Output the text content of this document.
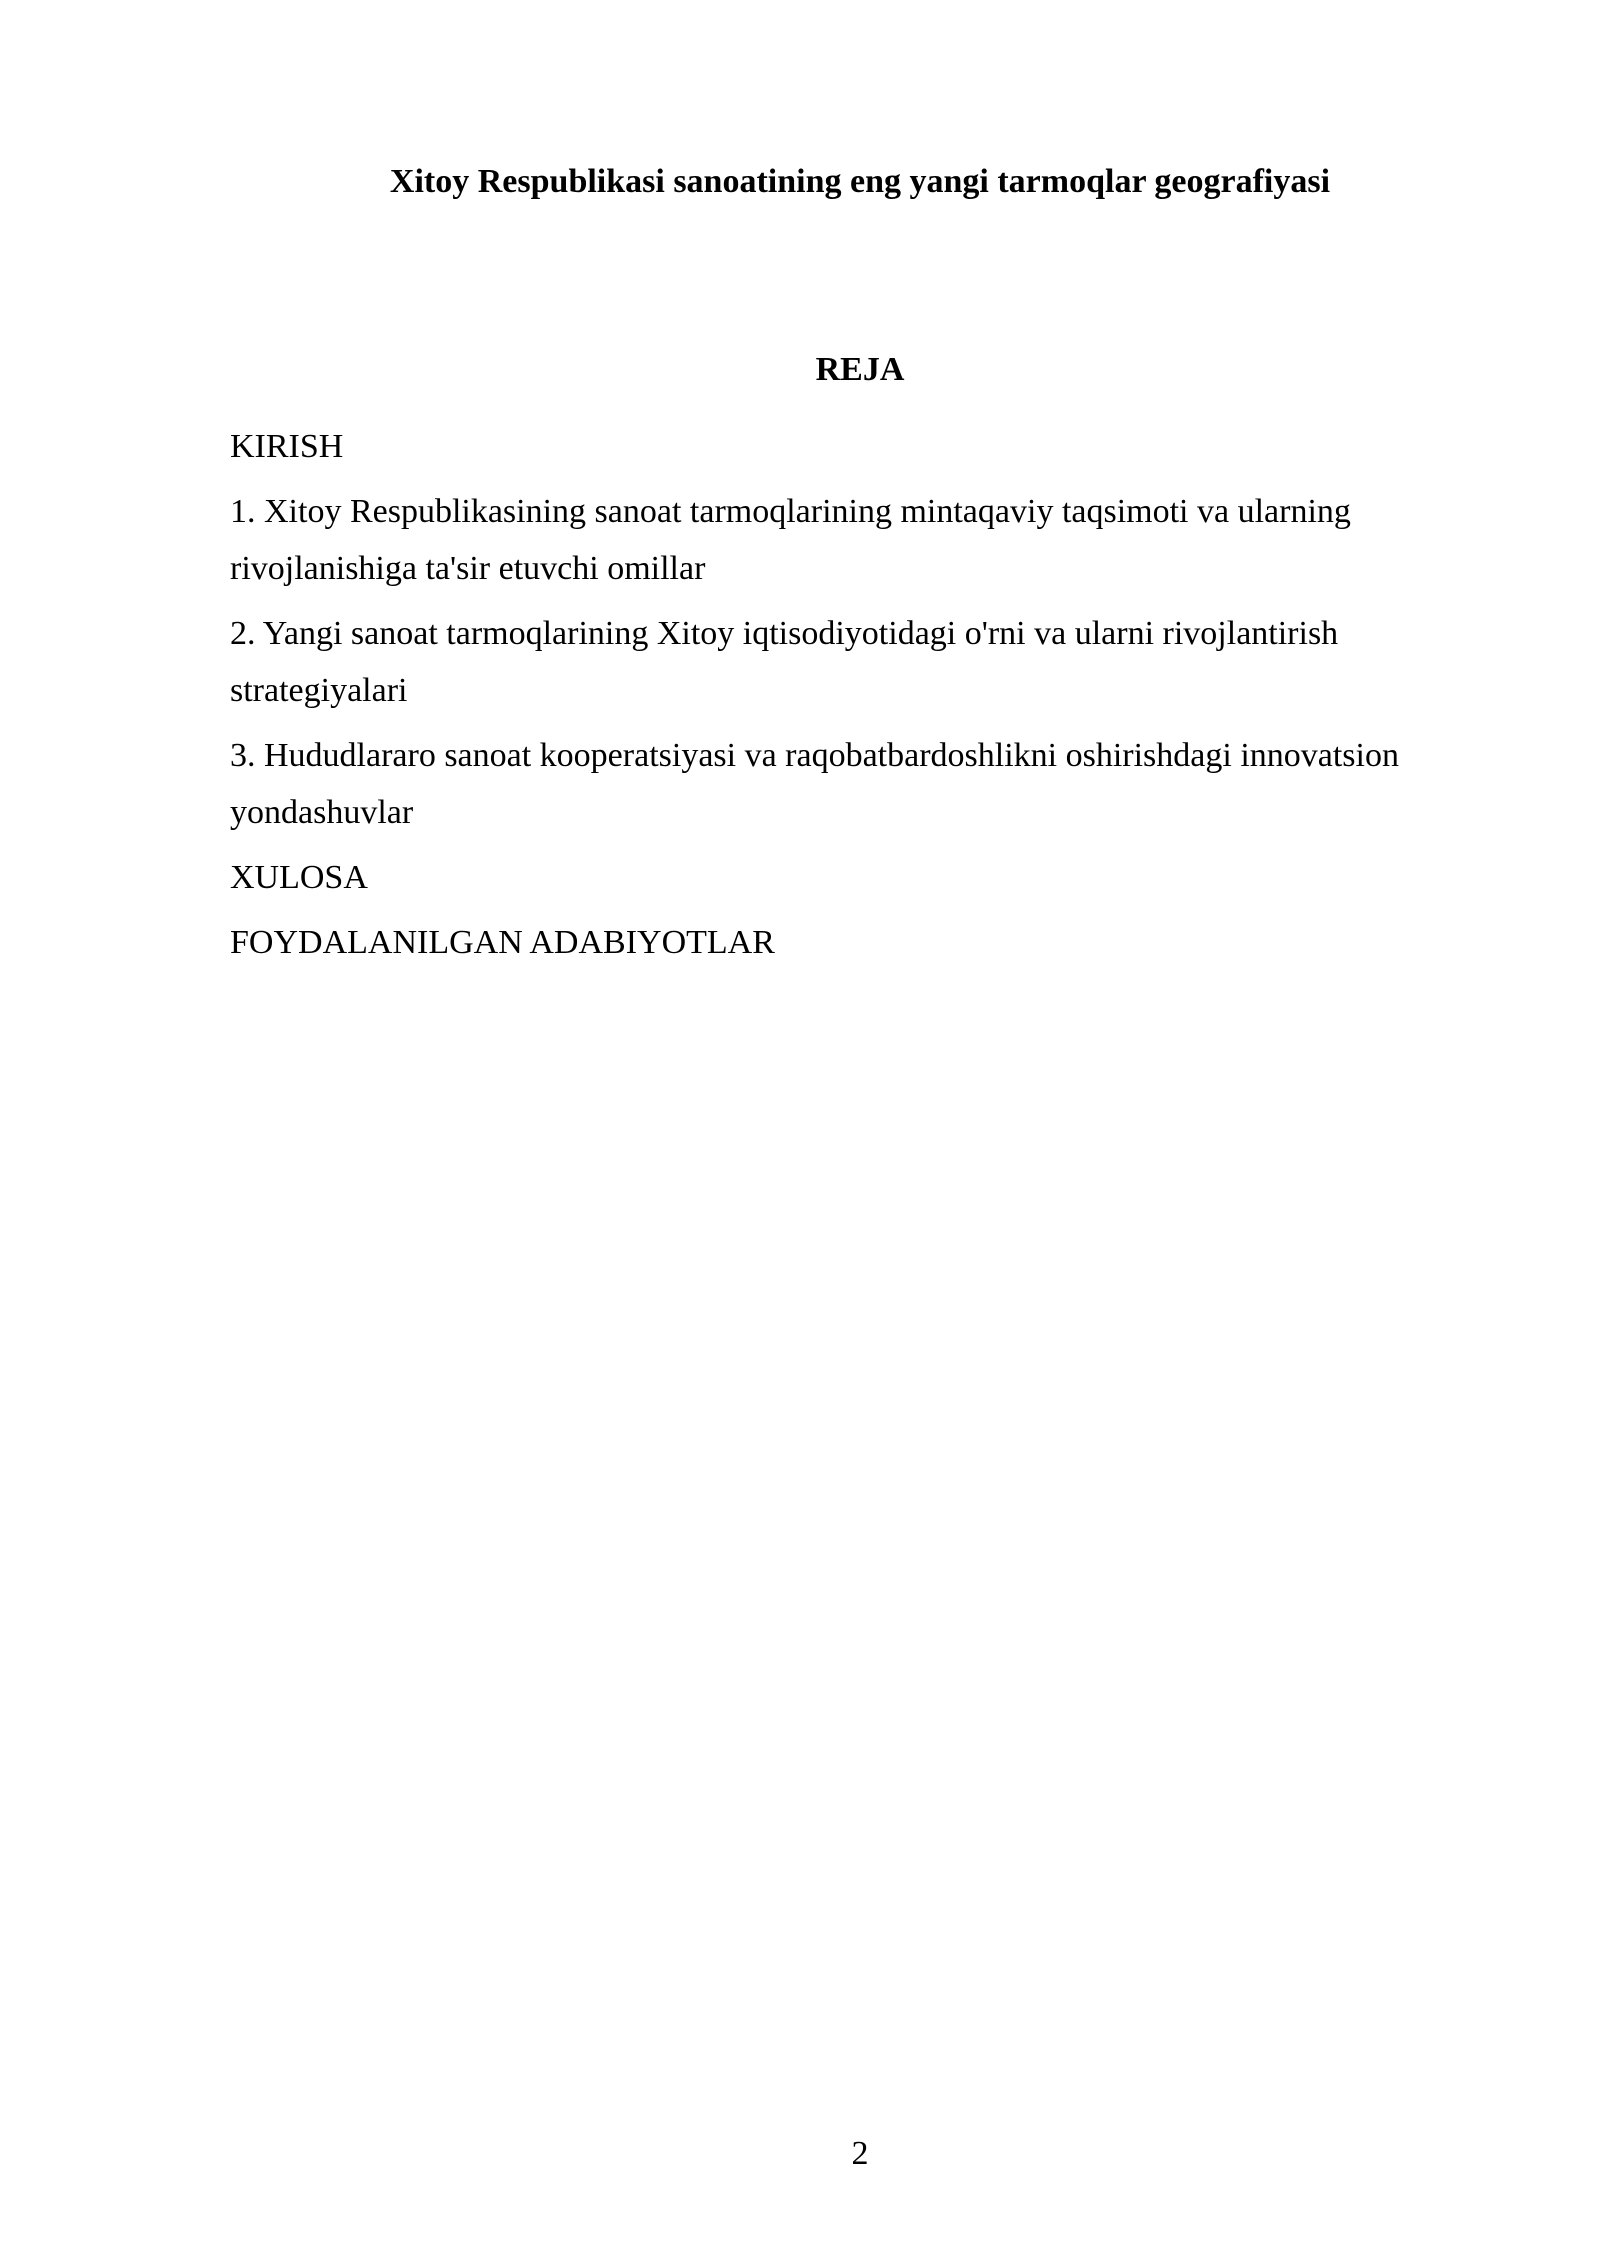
Xitoy Respublikasi sanoatining eng yangi tarmoqlar geografiyasi
REJA
KIRISH
1. Xitoy Respublikasining sanoat tarmoqlarining mintaqaviy taqsimoti va ularning rivojlanishiga ta'sir etuvchi omillar
2. Yangi sanoat tarmoqlarining Xitoy iqtisodiyotidagi o'rni va ularni rivojlantirish strategiyalari
3. Hududlararo sanoat kooperatsiyasi va raqobatbardoshlikni oshirishdagi innovatsion yondashuvlar
XULOSA
FOYDALANILGAN ADABIYOTLAR
2
